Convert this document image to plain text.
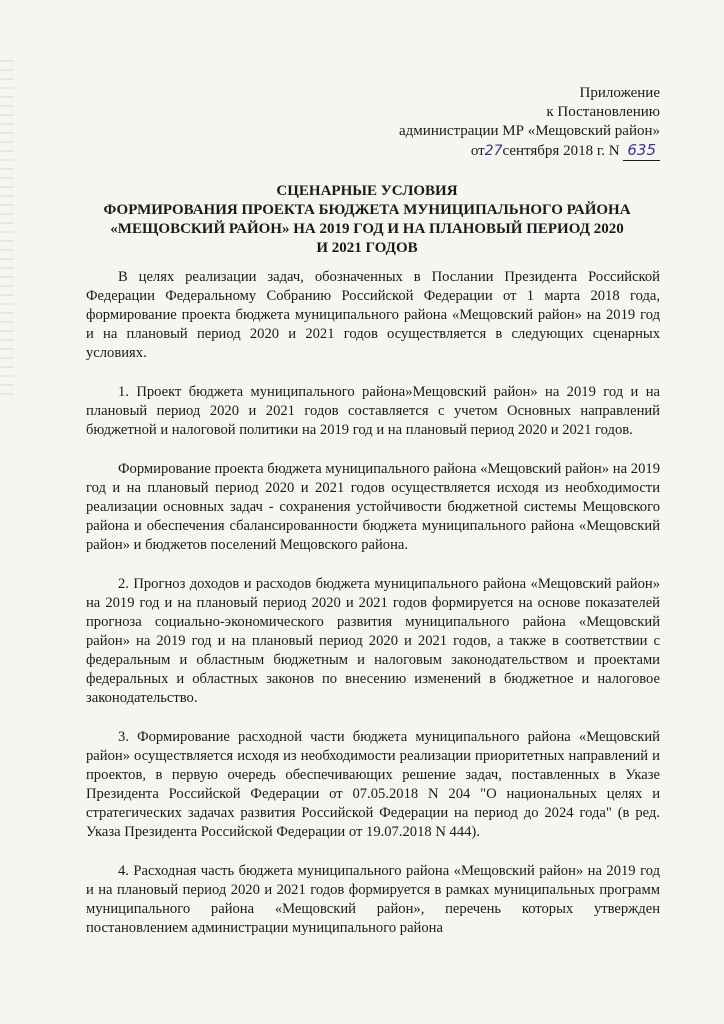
Приложение
к Постановлению
администрации МР «Мещовский район»
от27сентября 2018 г. N 635
СЦЕНАРНЫЕ УСЛОВИЯ
ФОРМИРОВАНИЯ ПРОЕКТА БЮДЖЕТА МУНИЦИПАЛЬНОГО РАЙОНА
«МЕЩОВСКИЙ РАЙОН» НА 2019 ГОД И НА ПЛАНОВЫЙ ПЕРИОД 2020
И 2021 ГОДОВ

В целях реализации задач, обозначенных в Послании Президента Российской Федерации Федеральному Собранию Российской Федерации от 1 марта 2018 года, формирование проекта бюджета муниципального района «Мещовский район» на 2019 год и на плановый период 2020 и 2021 годов осуществляется в следующих сценарных условиях.

1. Проект бюджета муниципального района»Мещовский район» на 2019 год и на плановый период 2020 и 2021 годов составляется с учетом Основных направлений бюджетной и налоговой политики на 2019 год и на плановый период 2020 и 2021 годов.

Формирование проекта бюджета муниципального района «Мещовский район» на 2019 год и на плановый период 2020 и 2021 годов осуществляется исходя из необходимости реализации основных задач - сохранения устойчивости бюджетной системы Мещовского района и обеспечения сбалансированности бюджета муниципального района «Мещовский район» и бюджетов поселений Мещовского района.

2. Прогноз доходов и расходов бюджета муниципального района «Мещовский район» на 2019 год и на плановый период 2020 и 2021 годов формируется на основе показателей прогноза социально-экономического развития муниципального района «Мещовский район» на 2019 год и на плановый период 2020 и 2021 годов, а также в соответствии с федеральным и областным бюджетным и налоговым законодательством и проектами федеральных и областных законов по внесению изменений в бюджетное и налоговое законодательство.

3. Формирование расходной части бюджета муниципального района «Мещовский район» осуществляется исходя из необходимости реализации приоритетных направлений и проектов, в первую очередь обеспечивающих решение задач, поставленных в Указе Президента Российской Федерации от 07.05.2018 N 204 "О национальных целях и стратегических задачах развития Российской Федерации на период до 2024 года" (в ред. Указа Президента Российской Федерации от 19.07.2018 N 444).

4. Расходная часть бюджета муниципального района «Мещовский район» на 2019 год и на плановый период 2020 и 2021 годов формируется в рамках муниципальных программ муниципального района «Мещовский район», перечень которых утвержден постановлением администрации муниципального района
